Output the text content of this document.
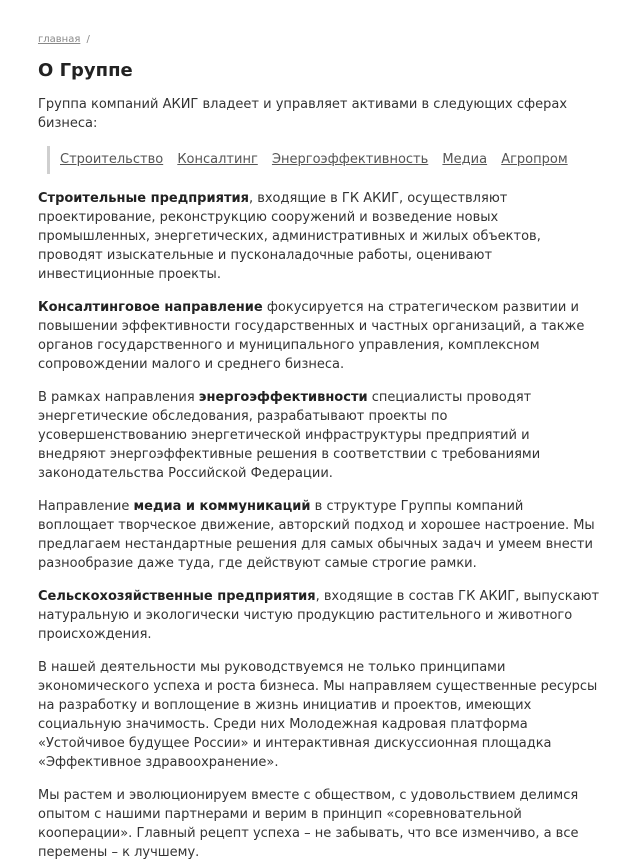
главная /
О Группе

Группа компаний АКИГ владеет и управляет активами в следующих сферах бизнеса:

Строительство Консалтинг Энергоэффективность Медиа Агропром

Строительные предприятия, входящие в ГК АКИГ, осуществляют проектирование, реконструкцию сооружений и возведение новых промышленных, энергетических, административных и жилых объектов, проводят изыскательные и пусконаладочные работы, оценивают инвестиционные проекты.

Консалтинговое направление фокусируется на стратегическом развитии и повышении эффективности государственных и частных организаций, а также органов государственного и муниципального управления, комплексном сопровождении малого и среднего бизнеса.

В рамках направления энергоэффективности специалисты проводят энергетические обследования, разрабатывают проекты по усовершенствованию энергетической инфраструктуры предприятий и внедряют энергоэффективные решения в соответствии с требованиями законодательства Российской Федерации.

Направление медиа и коммуникаций в структуре Группы компаний воплощает творческое движение, авторский подход и хорошее настроение. Мы предлагаем нестандартные решения для самых обычных задач и умеем внести разнообразие даже туда, где действуют самые строгие рамки.

Сельскохозяйственные предприятия, входящие в состав ГК АКИГ, выпускают натуральную и экологически чистую продукцию растительного и животного происхождения.

В нашей деятельности мы руководствуемся не только принципами экономического успеха и роста бизнеса. Мы направляем существенные ресурсы на разработку и воплощение в жизнь инициатив и проектов, имеющих социальную значимость. Среди них Молодежная кадровая платформа «Устойчивое будущее России» и интерактивная дискуссионная площадка «Эффективное здравоохранение».

Мы растем и эволюционируем вместе с обществом, с удовольствием делимся опытом с нашими партнерами и верим в принцип «соревновательной кооперации». Главный рецепт успеха – не забывать, что все изменчиво, а все перемены – к лучшему.
